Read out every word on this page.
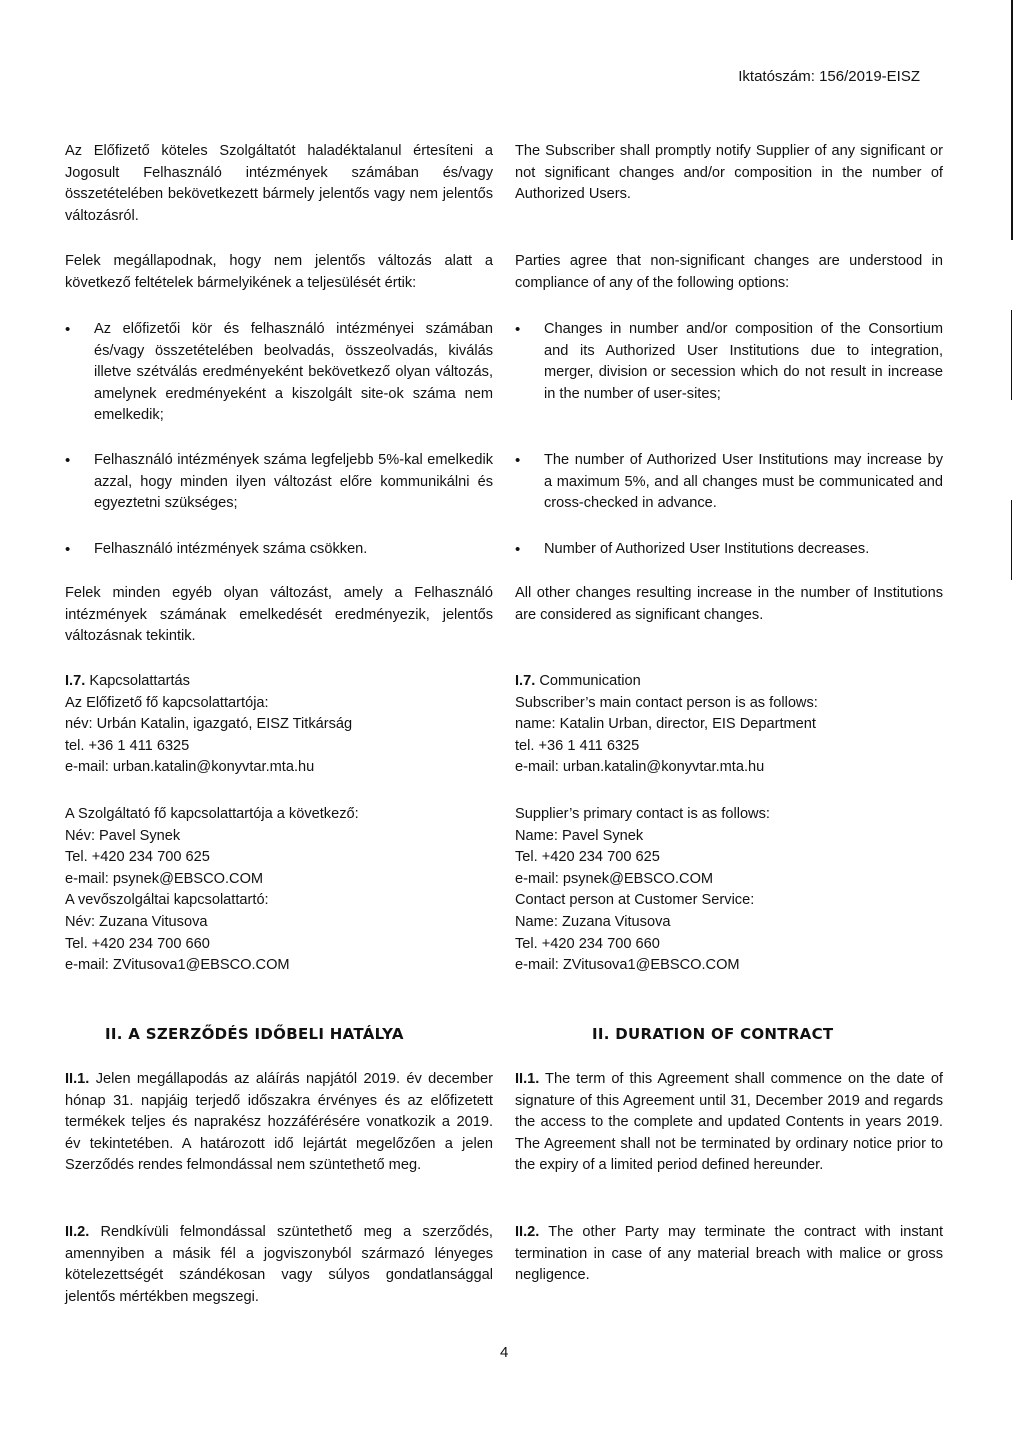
Iktatószám: 156/2019-EISZ

Az Előfizető köteles Szolgáltatót haladéktalanul értesíteni a Jogosult Felhasználó intézmények számában és/vagy összetételében bekövetkezett bármely jelentős vagy nem jelentős változásról.

Felek megállapodnak, hogy nem jelentős változás alatt a következő feltételek bármelyikének a teljesülését értik:

• Az előfizetői kör és felhasználó intézményei számában és/vagy összetételében beolvadás, összeolvadás, kiválás illetve szétválás eredményeként bekövetkező olyan változás, amelynek eredményeként a kiszolgált site-ok száma nem emelkedik;
• Felhasználó intézmények száma legfeljebb 5%-kal emelkedik azzal, hogy minden ilyen változást előre kommunikálni és egyeztetni szükséges;
• Felhasználó intézmények száma csökken.

Felek minden egyéb olyan változást, amely a Felhasználó intézmények számának emelkedését eredményezik, jelentős változásnak tekintik.

I.7. Kapcsolattartás
Az Előfizető fő kapcsolattartója:
név: Urbán Katalin, igazgató, EISZ Titkárság
tel. +36 1 411 6325
e-mail: urban.katalin@konyvtar.mta.hu
A Szolgáltató fő kapcsolattartója a következő:
Név: Pavel Synek
Tel. +420 234 700 625
e-mail: psynek@EBSCO.COM
A vevőszolgáltai kapcsolattartó:
Név: Zuzana Vitusova
Tel. +420 234 700 660
e-mail: ZVitusova1@EBSCO.COM
II.1. Jelen megállapodás az aláírás napjától 2019. év december hónap 31. napjáig terjedő időszakra érvényes és az előfizetett termékek teljes és naprakész hozzáférésére vonatkozik a 2019. év tekintetében. A határozott idő lejártát megelőzően a jelen Szerződés rendes felmondással nem szüntethető meg.
II.2. Rendkívüli felmondással szüntethető meg a szerződés, amennyiben a másik fél a jogviszonyból származó lényeges kötelezettségét szándékosan vagy súlyos gondatlansággal jelentős mértékben megszegi.

The Subscriber shall promptly notify Supplier of any significant or not significant changes and/or composition in the number of Authorized Users.

Parties agree that non-significant changes are understood in compliance of any of the following options:

• Changes in number and/or composition of the Consortium and its Authorized User Institutions due to integration, merger, division or secession which do not result in increase in the number of user-sites;
• The number of Authorized User Institutions may increase by a maximum 5%, and all changes must be communicated and cross-checked in advance.
• Number of Authorized User Institutions decreases.

All other changes resulting increase in the number of Institutions are considered as significant changes.

I.7. Communication
Subscriber’s main contact person is as follows:
name: Katalin Urban, director, EIS Department
tel. +36 1 411 6325
e-mail: urban.katalin@konyvtar.mta.hu
Supplier’s primary contact is as follows:
Name: Pavel Synek
Tel. +420 234 700 625
e-mail: psynek@EBSCO.COM
Contact person at Customer Service:
Name: Zuzana Vitusova
Tel. +420 234 700 660
e-mail: ZVitusova1@EBSCO.COM
II.1. The term of this Agreement shall commence on the date of signature of this Agreement until 31, December 2019 and regards the access to the complete and updated Contents in years 2019. The Agreement shall not be terminated by ordinary notice prior to the expiry of a limited period defined hereunder.
II.2. The other Party may terminate the contract with instant termination in case of any material breach with malice or gross negligence.
II. A SZERZŐDÉS IDŐBELI HATÁLYA	II. DURATION OF CONTRACT
4
